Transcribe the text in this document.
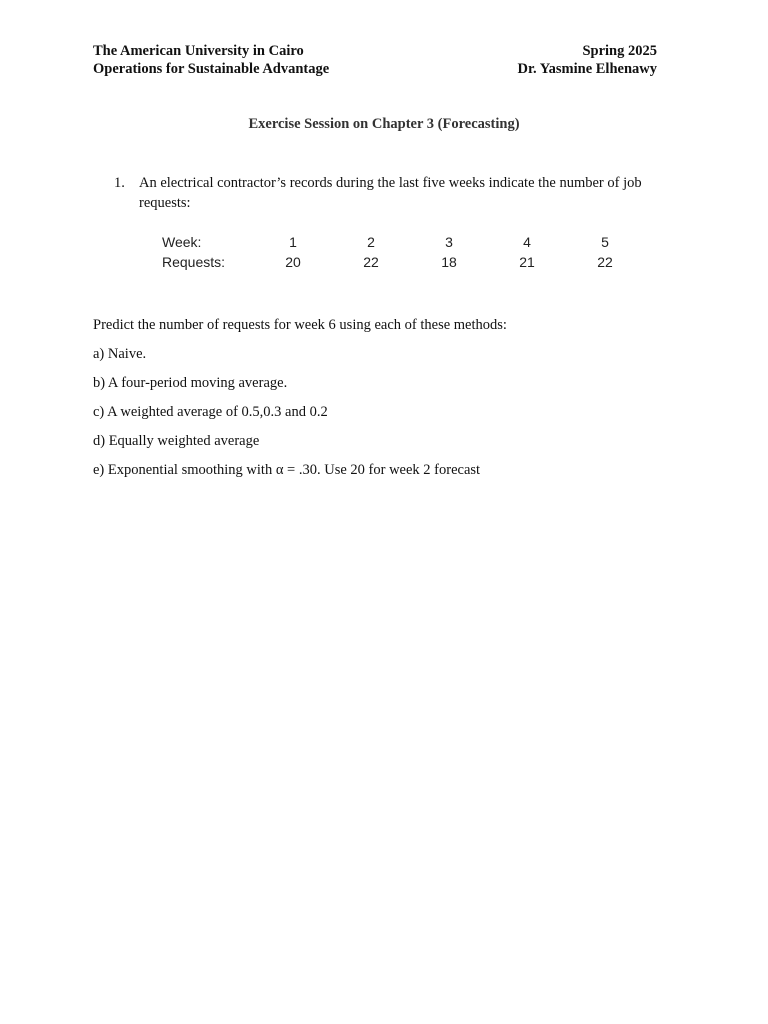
The American University in Cairo	Spring 2025
Operations for Sustainable Advantage	Dr. Yasmine Elhenawy
Exercise Session on Chapter 3 (Forecasting)
1. An electrical contractor’s records during the last five weeks indicate the number of job requests:
Week:	1	2	3	4	5
Requests:	20	22	18	21	22
Predict the number of requests for week 6 using each of these methods:
a) Naive.
b) A four-period moving average.
c) A weighted average of 0.5,0.3 and 0.2
d) Equally weighted average
e) Exponential smoothing with α = .30. Use 20 for week 2 forecast
